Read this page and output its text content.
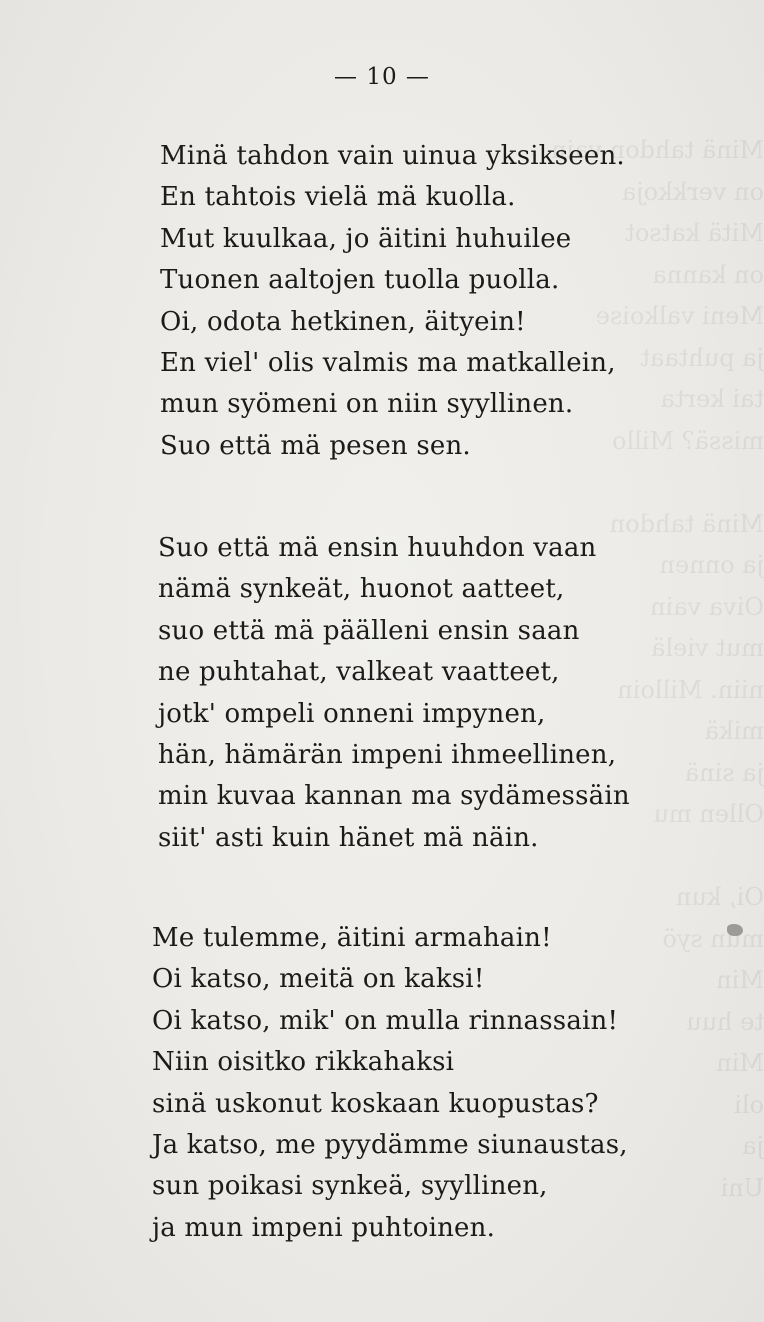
Minä tahdon vain
on verkkoja
Mitä katsot
on kanna
Meni valkoise
ja puhtaat
tai kerta
missä? Millo

Minä tahdon
ja onnen
Oiva vain
mut vielä
niin. Milloin
mikä
ja sinä
Ollen mu

Oi, kun
mun syö
Min
te huu
Min
oli
ja
Uni
— 10 —
Minä tahdon vain uinua yksikseen.
En tahtois vielä mä kuolla.
Mut kuulkaa, jo äitini huhuilee
Tuonen aaltojen tuolla puolla.
Oi, odota hetkinen, äityein!
En viel' olis valmis ma matkallein,
mun syömeni on niin syyllinen.
Suo että mä pesen sen.
Suo että mä ensin huuhdon vaan
nämä synkeät, huonot aatteet,
suo että mä päälleni ensin saan
ne puhtahat, valkeat vaatteet,
jotk' ompeli onneni impynen,
hän, hämärän impeni ihmeellinen,
min kuvaa kannan ma sydämessäin
siit' asti kuin hänet mä näin.
Me tulemme, äitini armahain!
Oi katso, meitä on kaksi!
Oi katso, mik' on mulla rinnassain!
Niin oisitko rikkahaksi
sinä uskonut koskaan kuopustas?
Ja katso, me pyydämme siunaustas,
sun poikasi synkeä, syyllinen,
ja mun impeni puhtoinen.
